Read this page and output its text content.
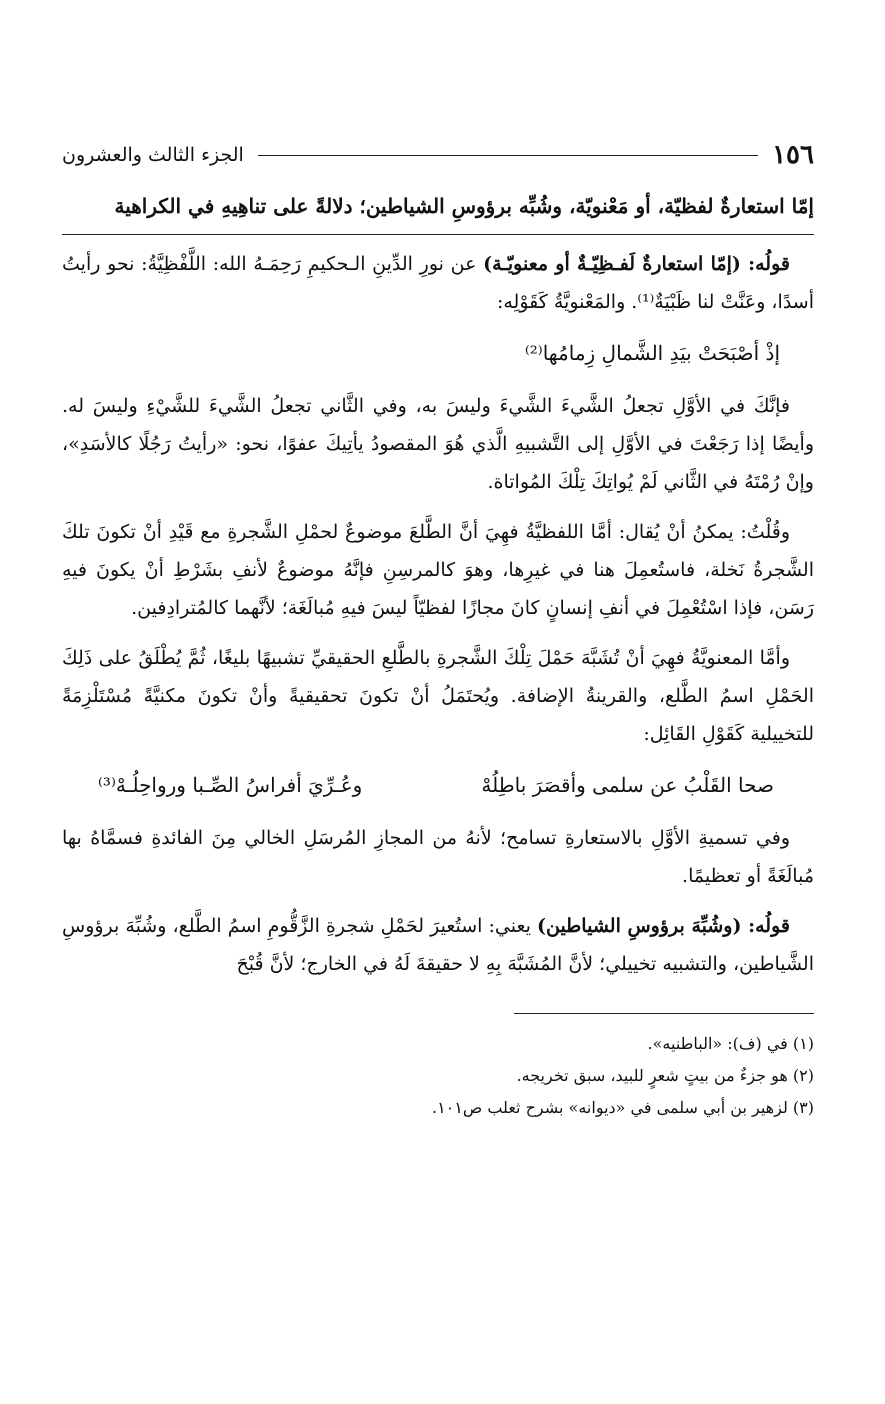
١٥٦
الجزء الثالث والعشرون
إمّا استعارةٌ لفظيّة، أو مَعْنويّة، وشُبِّه برؤوسِ الشياطين؛ دلالةً على تناهِيهِ في الكراهية

قولُه: (إمّا استعارةٌ لَفـظِيّـةٌ أو معنويّـة) عن نورِ الدِّينِ الـحكيمِ رَحِمَـهُ الله: اللَّفْظِيَّةُ: نحو رأيتُ أسدًا، وعَنَّتْ لنا ظَبْيَةٌ⁽¹⁾. والمَعْنويَّةُ كَقَوْلِه:

إذْ أصْبَحَتْ بيَدِ الشَّمالِ زِمامُها⁽²⁾

فإنَّكَ في الأوَّلِ تجعلُ الشَّيءَ الشَّيءَ وليسَ به، وفي الثَّاني تجعلُ الشَّيءَ للشَّيْءِ وليسَ له. وأيضًا إذا رَجَعْتَ في الأوَّلِ إلى التَّشبيهِ الَّذي هُوَ المقصودُ يأتِيكَ عفوًا، نحو: «رأيتُ رَجُلًا كالأسَدِ»، وإنْ رُمْتَهُ في الثَّاني لَمْ يُواتِكَ تِلْكَ المُواتاة.

وقُلْتُ: يمكنُ أنْ يُقال: أمَّا اللفظيَّةُ فهِيَ أنَّ الطَّلعَ موضوعٌ لحمْلِ الشَّجرةِ مع قَيْدِ أنْ تكونَ تلكَ الشَّجرةُ نَخلة، فاستُعمِلَ هنا في غيرِها، وهوَ كالمرسِنِ فإنَّهُ موضوعٌ لأنفِ بشَرْطِ أنْ يكونَ فيهِ رَسَن، فإذا اسْتُعْمِلَ في أنفِ إنسانٍ كانَ مجازًا لفظيّاً ليسَ فيهِ مُبالَغَة؛ لأنَّهما كالمُترادِفين.

وأمَّا المعنويَّةُ فهِيَ أنْ تُشَبَّهَ حَمْلَ تِلْكَ الشَّجرةِ بالطَّلعِ الحقيقيِّ تشبيهًا بليغًا، ثُمَّ يُطْلَقُ على ذَلِكَ الحَمْلِ اسمُ الطَّلع، والقرينةُ الإضافة. ويُحتَمَلُ أنْ تكونَ تحقيقيةً وأنْ تكونَ مكنيَّةً مُسْتَلْزِمَةً للتخييلية كَقَوْلِ القَائِل:

صحا القَلْبُ عن سلمى وأقصَرَ باطِلُهْ
وعُـرِّيَ أفراسُ الصِّـبا ورواحِلُـهْ⁽³⁾

وفي تسميةِ الأوَّلِ بالاستعارةِ تسامح؛ لأنهُ من المجازِ المُرسَلِ الخالي مِنَ الفائدةِ فسمَّاهُ بها مُبالَغَةً أو تعظيمًا.

قولُه: (وشُبِّهَ برؤوسِ الشياطين) يعني: استُعيرَ لحَمْلِ شجرةِ الزَّقُّومِ اسمُ الطَّلع، وشُبِّهَ برؤوسِ الشَّياطين، والتشبيه تخييلي؛ لأنَّ المُشَبَّهَ بِهِ لا حقيقةَ لَهُ في الخارج؛ لأنَّ قُبْحَ

(١) في (ف): «الباطنيه».

(٢) هو جزءٌ من بيتٍ شعرٍ للبيد، سبق تخريجه.

(٣) لزهير بن أبي سلمى في «ديوانه» بشرح ثعلب ص١٠١.
